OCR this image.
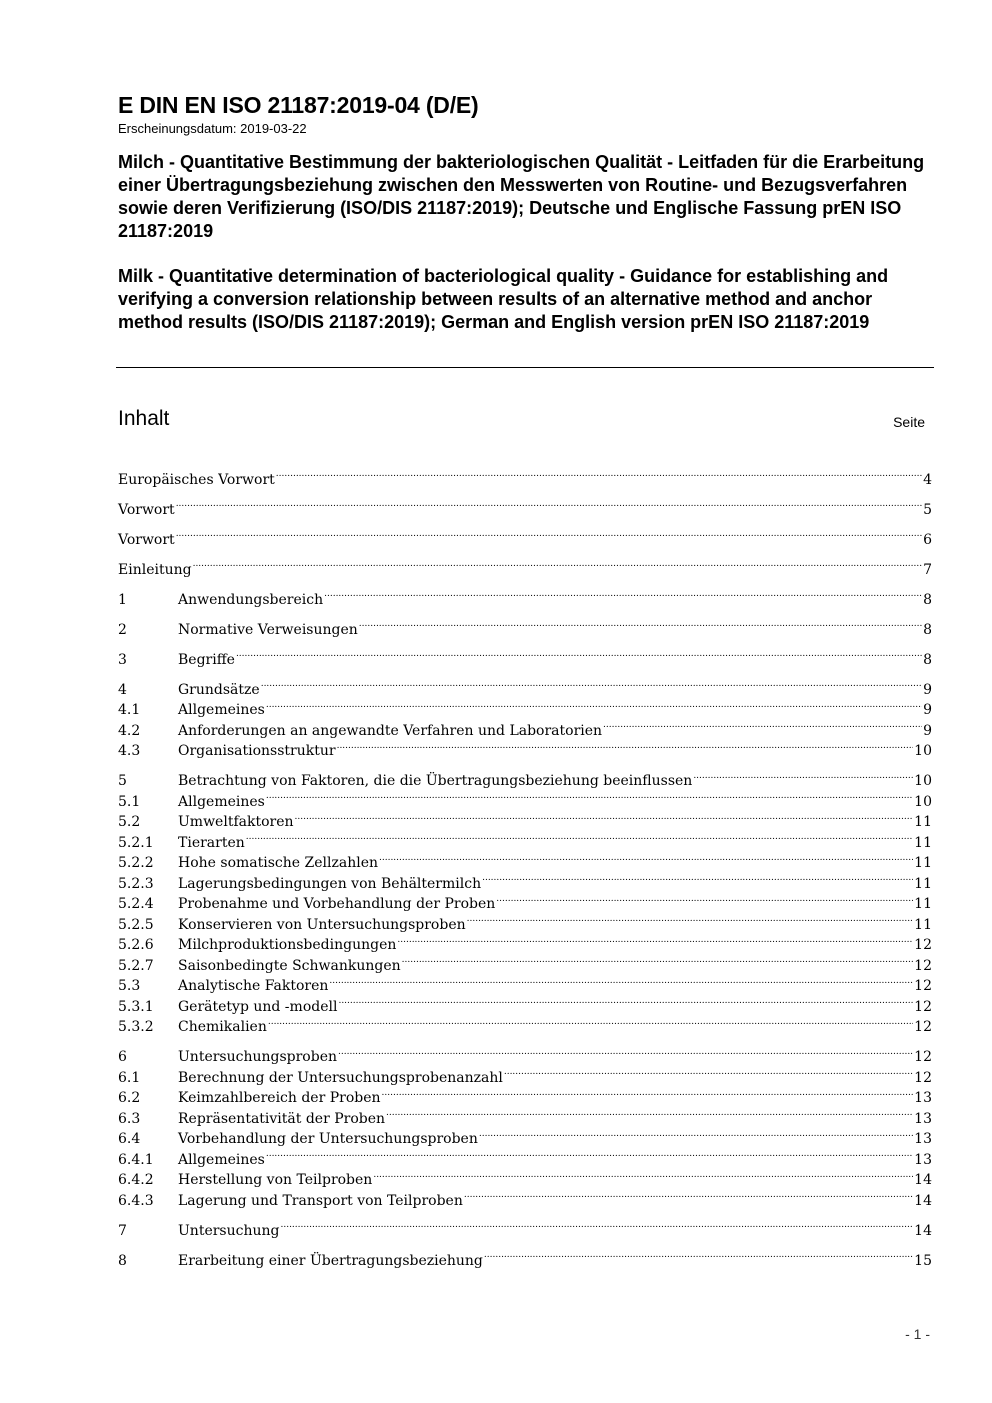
E DIN EN ISO 21187:2019-04 (D/E)
Erscheinungsdatum: 2019-03-22
Milch - Quantitative Bestimmung der bakteriologischen Qualität - Leitfaden für die Erarbeitung einer Übertragungsbeziehung zwischen den Messwerten von Routine- und Bezugsverfahren sowie deren Verifizierung (ISO/DIS 21187:2019); Deutsche und Englische Fassung prEN ISO 21187:2019
Milk - Quantitative determination of bacteriological quality - Guidance for establishing and verifying a conversion relationship between results of an alternative method and anchor method results (ISO/DIS 21187:2019); German and English version prEN ISO 21187:2019
Inhalt	Seite
Europäisches Vorwort .....	4
Vorwort .....	5
Vorwort .....	6
Einleitung .....	7
1	Anwendungsbereich .....	8
2	Normative Verweisungen .....	8
3	Begriffe .....	8
4	Grundsätze .....	9
4.1	Allgemeines .....	9
4.2	Anforderungen an angewandte Verfahren und Laboratorien .....	9
4.3	Organisationsstruktur .....	10
5	Betrachtung von Faktoren, die die Übertragungsbeziehung beeinflussen .....	10
5.1	Allgemeines .....	10
5.2	Umweltfaktoren .....	11
5.2.1	Tierarten .....	11
5.2.2	Hohe somatische Zellzahlen .....	11
5.2.3	Lagerungsbedingungen von Behältermilch .....	11
5.2.4	Probenahme und Vorbehandlung der Proben .....	11
5.2.5	Konservieren von Untersuchungsproben .....	11
5.2.6	Milchproduktionsbedingungen .....	12
5.2.7	Saisonbedingte Schwankungen .....	12
5.3	Analytische Faktoren .....	12
5.3.1	Gerätetyp und -modell .....	12
5.3.2	Chemikalien .....	12
6	Untersuchungsproben .....	12
6.1	Berechnung der Untersuchungsprobenanzahl .....	12
6.2	Keimzahlbereich der Proben .....	13
6.3	Repräsentativität der Proben .....	13
6.4	Vorbehandlung der Untersuchungsproben .....	13
6.4.1	Allgemeines .....	13
6.4.2	Herstellung von Teilproben .....	14
6.4.3	Lagerung und Transport von Teilproben .....	14
7	Untersuchung .....	14
8	Erarbeitung einer Übertragungsbeziehung .....	15
- 1 -
